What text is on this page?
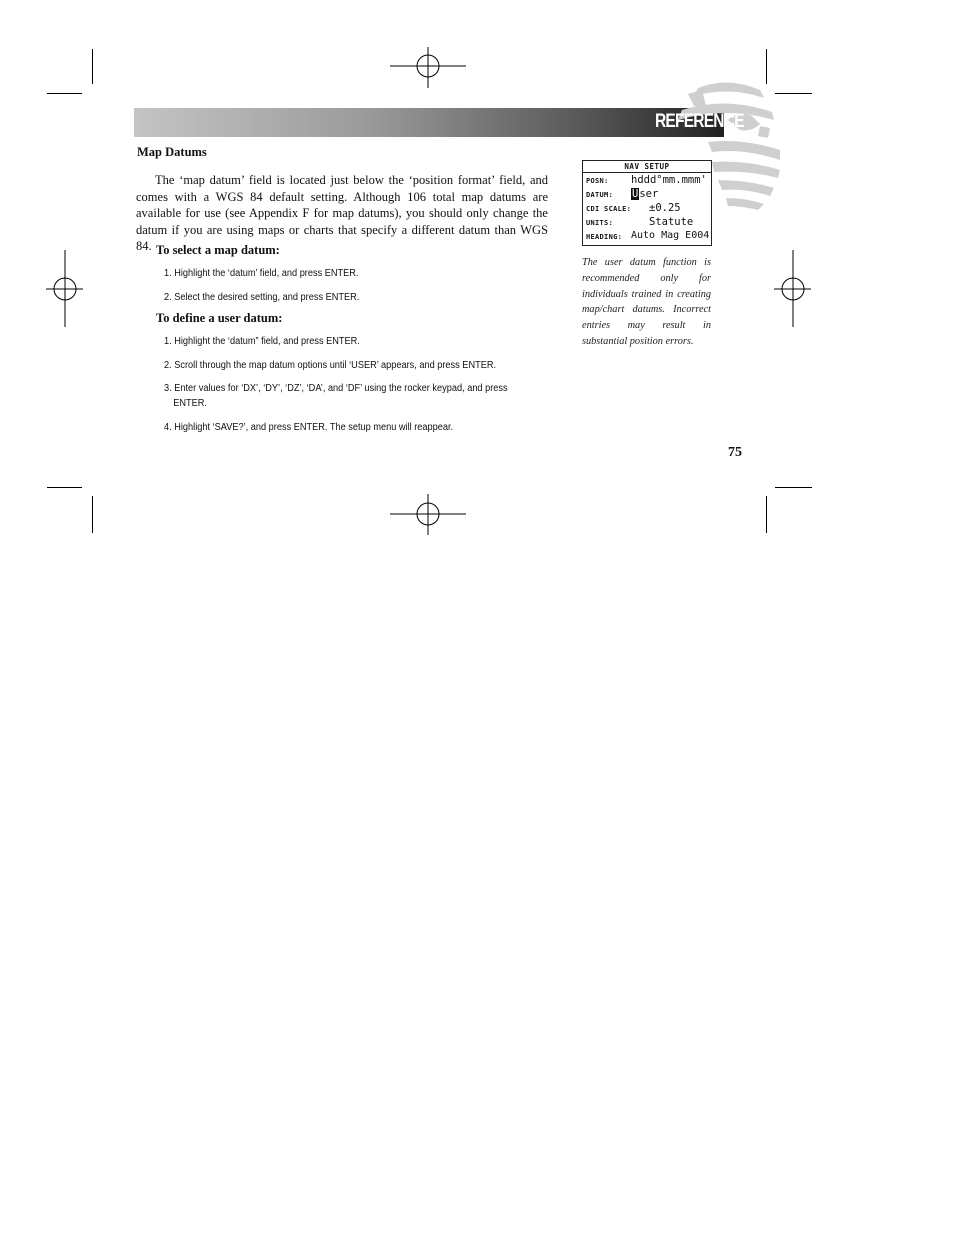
REFERENCE
Map Datums

The ‘map datum’ field is located just below the ‘position format’ field, and comes with a WGS 84 default setting. Although 106 total map datums are available for use (see Appendix F for map datums), you should only change the datum if you are using maps or charts that specify a different datum than WGS 84. To select a map datum:
1. Highlight the ‘datum’ field, and press ENTER.
2. Select the desired setting, and press ENTER.
To define a user datum:
1. Highlight the ‘datum” field, and press ENTER.
2. Scroll through the map datum options until ‘USER’ appears, and press ENTER.
3. Enter values for ‘DX’, ‘DY’, ‘DZ’, ‘DA’, and ‘DF’ using the rocker keypad, and press ENTER.
4. Highlight ‘SAVE?’, and press ENTER. The setup menu will reappear.
NAV SETUP
POSN: hddd°mm.mmm'
DATUM: User
CDI SCALE: ±0.25
UNITS:	Statute
HEADING: Auto Mag E004

The user datum function is recommended only for individuals trained in creating map/chart datums. Incorrect entries may result in substantial position errors.

75
